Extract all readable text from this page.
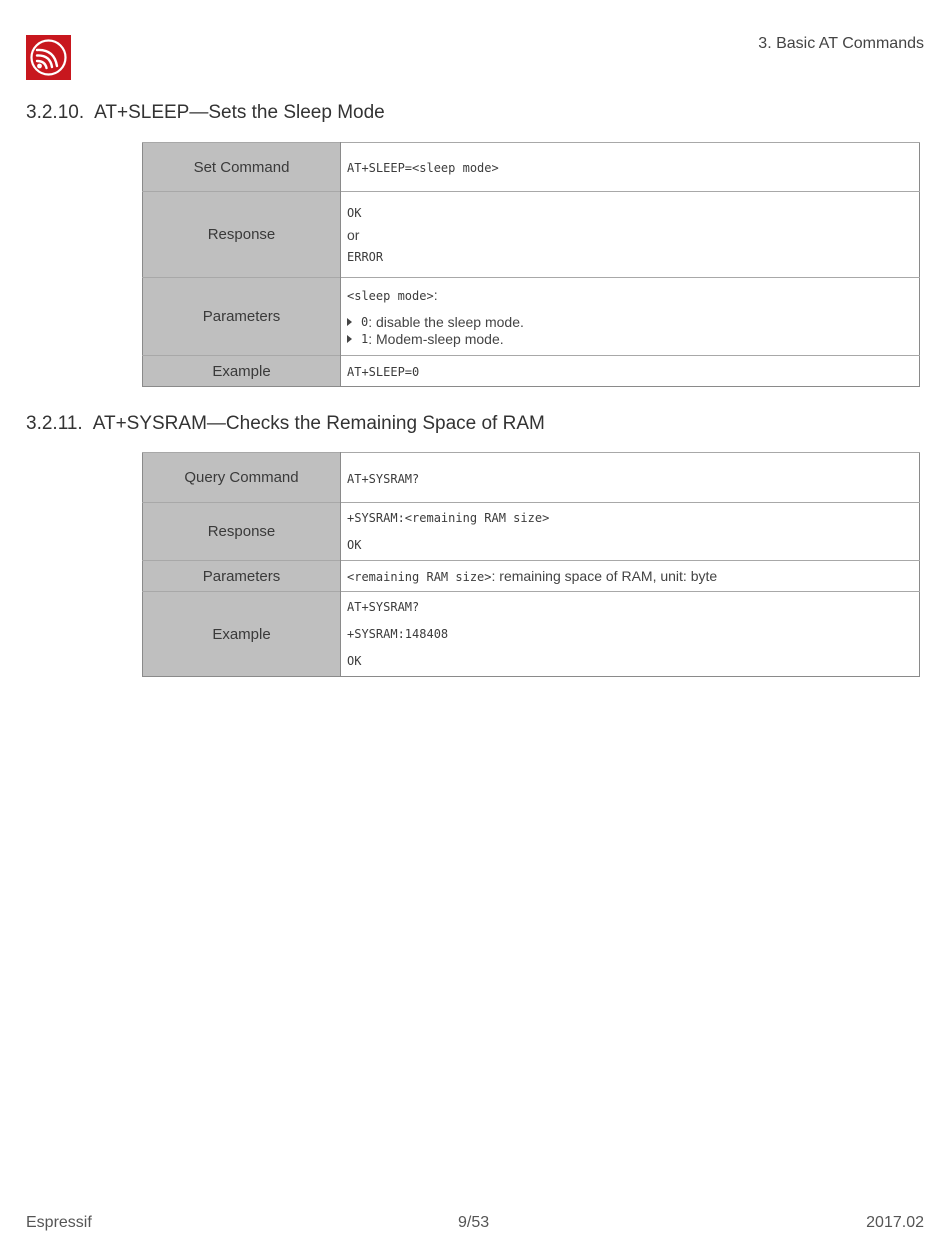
3. Basic AT Commands
3.2.10. AT+SLEEP—Sets the Sleep Mode
Set Command	AT+SLEEP=<sleep mode>
Response	OK
or
ERROR

Parameters	<sleep mode>:
0 : disable the sleep mode.
1 : Modem-sleep mode.

Example	AT+SLEEP=0
3.2.11. AT+SYSRAM—Checks the Remaining Space of RAM
Query Command	AT+SYSRAM?
Response	+SYSRAM:<remaining RAM size>
OK

Parameters	<remaining RAM size>: remaining space of RAM, unit: byte
Example	AT+SYSRAM?
+SYSRAM:148408
OK
Espressif	9/53	2017.02
